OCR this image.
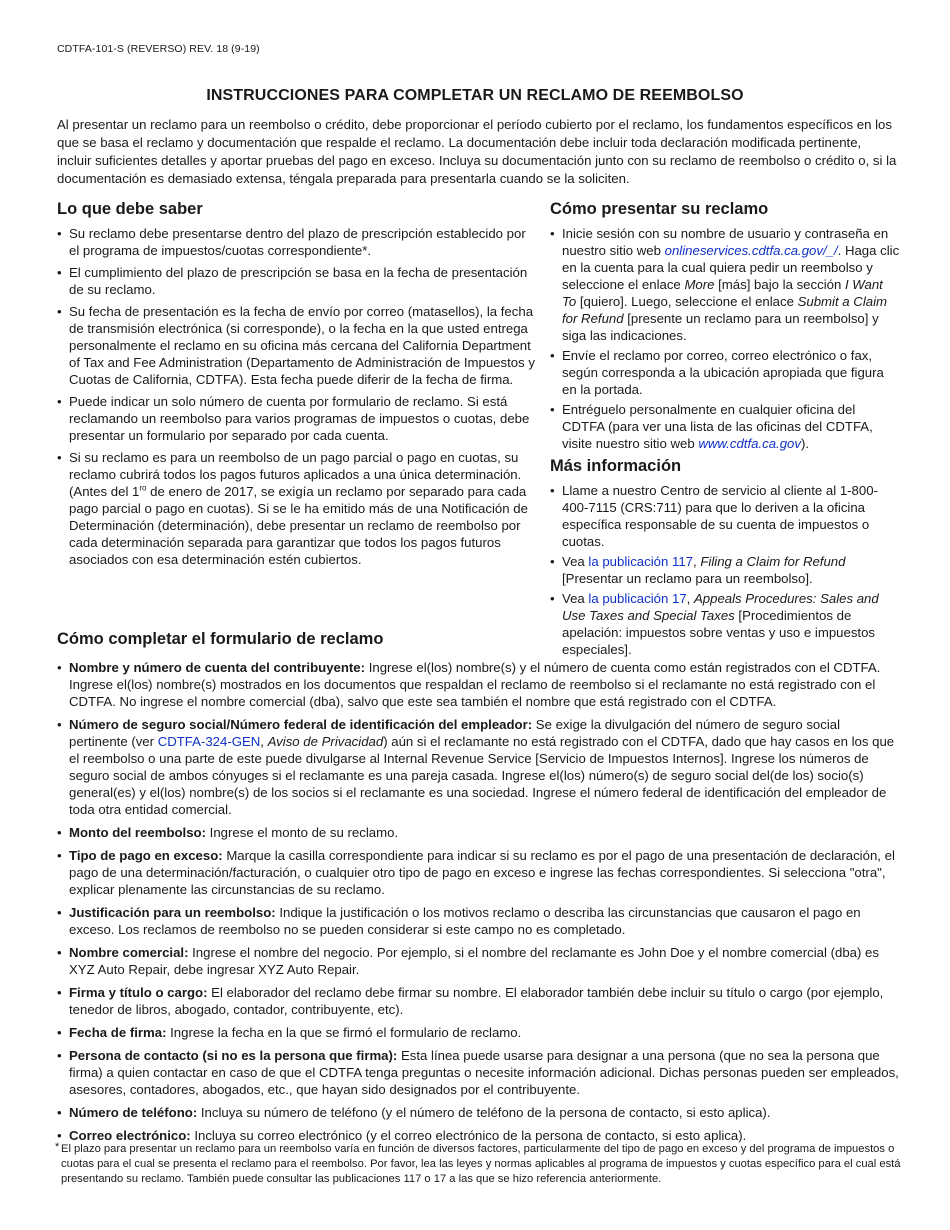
CDTFA-101-S (REVERSO) REV. 18 (9-19)
INSTRUCCIONES PARA COMPLETAR UN RECLAMO DE REEMBOLSO
Al presentar un reclamo para un reembolso o crédito, debe proporcionar el período cubierto por el reclamo, los fundamentos específicos en los que se basa el reclamo y documentación que respalde el reclamo. La documentación debe incluir toda declaración modificada pertinente, incluir suficientes detalles y aportar pruebas del pago en exceso. Incluya su documentación junto con su reclamo de reembolso o crédito o, si la documentación es demasiado extensa, téngala preparada para presentarla cuando se la soliciten.
Lo que debe saber
• Su reclamo debe presentarse dentro del plazo de prescripción establecido por el programa de impuestos/cuotas correspondiente*.
• El cumplimiento del plazo de prescripción se basa en la fecha de presentación de su reclamo.
• Su fecha de presentación es la fecha de envío por correo (matasellos), la fecha de transmisión electrónica (si corresponde), o la fecha en la que usted entrega personalmente el reclamo en su oficina más cercana del California Department of Tax and Fee Administration (Departamento de Administración de Impuestos y Cuotas de California, CDTFA). Esta fecha puede diferir de la fecha de firma.
• Puede indicar un solo número de cuenta por formulario de reclamo. Si está reclamando un reembolso para varios programas de impuestos o cuotas, debe presentar un formulario por separado por cada cuenta.
• Si su reclamo es para un reembolso de un pago parcial o pago en cuotas, su reclamo cubrirá todos los pagos futuros aplicados a una única determinación. (Antes del $1^{ro}$ de enero de 2017, se exigía un reclamo por separado para cada pago parcial o pago en cuotas). Si se le ha emitido más de una Notificación de Determinación (determinación), debe presentar un reclamo de reembolso por cada determinación separada para garantizar que todos los pagos futuros asociados con esa determinación estén cubiertos.
Cómo presentar su reclamo
• Inicie sesión con su nombre de usuario y contraseña en nuestro sitio web onlineservices.cdtfa.ca.gov/_/. Haga clic en la cuenta para la cual quiera pedir un reembolso y seleccione el enlace More [más] bajo la sección I Want To [quiero]. Luego, seleccione el enlace Submit a Claim for Refund [presente un reclamo para un reembolso] y siga las indicaciones.
• Envíe el reclamo por correo, correo electrónico o fax, según corresponda a la ubicación apropiada que figura en la portada.
• Entréguelo personalmente en cualquier oficina del CDTFA (para ver una lista de las oficinas del CDTFA, visite nuestro sitio web www.cdtfa.ca.gov).
Más información
• Llame a nuestro Centro de servicio al cliente al 1-800-400-7115 (CRS:711) para que lo deriven a la oficina específica responsable de su cuenta de impuestos o cuotas.
• Vea la publicación 117, Filing a Claim for Refund [Presentar un reclamo para un reembolso].
• Vea la publicación 17, Appeals Procedures: Sales and Use Taxes and Special Taxes [Procedimientos de apelación: impuestos sobre ventas y uso e impuestos especiales].
Cómo completar el formulario de reclamo
• Nombre y número de cuenta del contribuyente: Ingrese el(los) nombre(s) y el número de cuenta como están registrados con el CDTFA. Ingrese el(los) nombre(s) mostrados en los documentos que respaldan el reclamo de reembolso si el reclamante no está registrado con el CDTFA. No ingrese el nombre comercial (dba), salvo que este sea también el nombre que está registrado con el CDTFA.
• Número de seguro social/Número federal de identificación del empleador: Se exige la divulgación del número de seguro social pertinente (ver CDTFA-324-GEN, Aviso de Privacidad) aún si el reclamante no está registrado con el CDTFA, dado que hay casos en los que el reembolso o una parte de este puede divulgarse al Internal Revenue Service [Servicio de Impuestos Internos]. Ingrese los números de seguro social de ambos cónyuges si el reclamante es una pareja casada. Ingrese el(los) número(s) de seguro social del(de los) socio(s) general(es) y el(los) nombre(s) de los socios si el reclamante es una sociedad. Ingrese el número federal de identificación del empleador de toda otra entidad comercial.
• Monto del reembolso: Ingrese el monto de su reclamo.
• Tipo de pago en exceso: Marque la casilla correspondiente para indicar si su reclamo es por el pago de una presentación de declaración, el pago de una determinación/facturación, o cualquier otro tipo de pago en exceso e ingrese las fechas correspondientes. Si selecciona "otra", explicar plenamente las circunstancias de su reclamo.
• Justificación para un reembolso: Indique la justificación o los motivos reclamo o describa las circunstancias que causaron el pago en exceso. Los reclamos de reembolso no se pueden considerar si este campo no es completado.
• Nombre comercial: Ingrese el nombre del negocio. Por ejemplo, si el nombre del reclamante es John Doe y el nombre comercial (dba) es XYZ Auto Repair, debe ingresar XYZ Auto Repair.
• Firma y título o cargo: El elaborador del reclamo debe firmar su nombre. El elaborador también debe incluir su título o cargo (por ejemplo, tenedor de libros, abogado, contador, contribuyente, etc).
• Fecha de firma: Ingrese la fecha en la que se firmó el formulario de reclamo.
• Persona de contacto (si no es la persona que firma): Esta línea puede usarse para designar a una persona (que no sea la persona que firma) a quien contactar en caso de que el CDTFA tenga preguntas o necesite información adicional. Dichas personas pueden ser empleados, asesores, contadores, abogados, etc., que hayan sido designados por el contribuyente.
• Número de teléfono: Incluya su número de teléfono (y el número de teléfono de la persona de contacto, si esto aplica).
• Correo electrónico: Incluya su correo electrónico (y el correo electrónico de la persona de contacto, si esto aplica).
* El plazo para presentar un reclamo para un reembolso varía en función de diversos factores, particularmente del tipo de pago en exceso y del programa de impuestos o cuotas para el cual se presenta el reclamo para el reembolso. Por favor, lea las leyes y normas aplicables al programa de impuestos y cuotas específico para el cual está presentando su reclamo. También puede consultar las publicaciones 117 o 17 a las que se hizo referencia anteriormente.
